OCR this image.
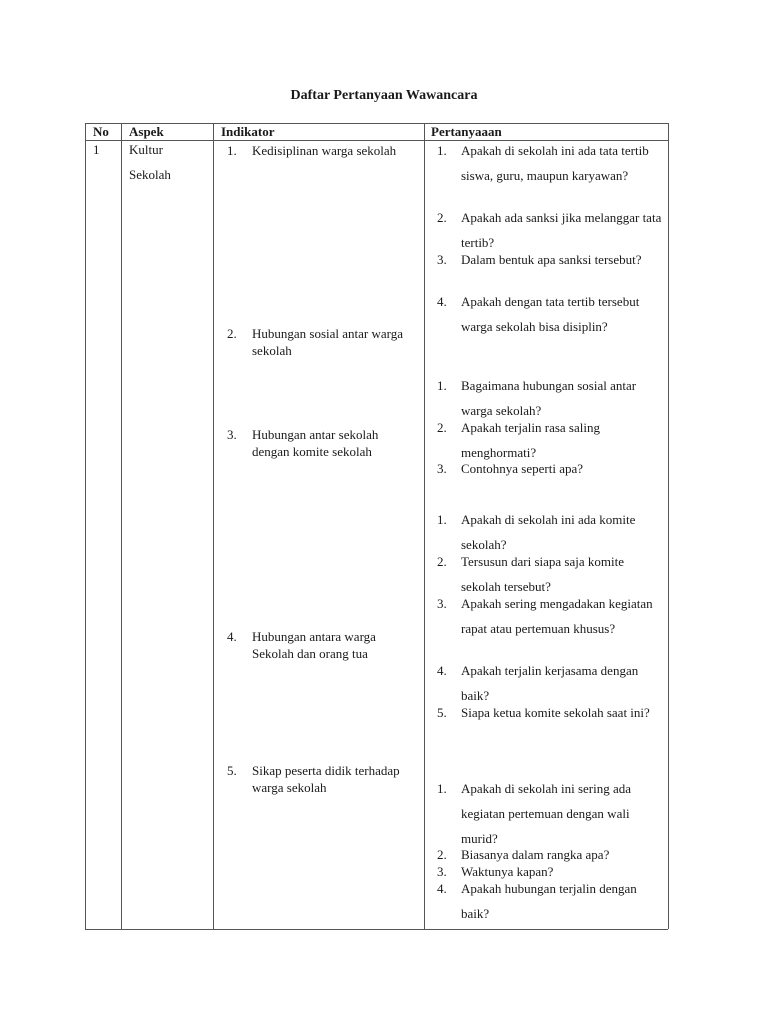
Daftar Pertanyaan Wawancara
No Aspek	Indikator	Pertanyaaan
1 Kultur
Sekolah
1. Kedisiplinan warga sekolah
2. Hubungan sosial antar warga sekolah
3. Hubungan antar sekolah dengan komite sekolah
4. Hubungan antara warga Sekolah dan orang tua
5. Sikap peserta didik terhadap warga sekolah
1. Apakah di sekolah ini ada tata tertib siswa, guru, maupun karyawan?
2. Apakah ada sanksi jika melanggar tata tertib?
3. Dalam bentuk apa sanksi tersebut?
4. Apakah dengan tata tertib tersebut warga sekolah bisa disiplin?
1. Bagaimana hubungan sosial antar warga sekolah?
2. Apakah terjalin rasa saling menghormati?
3. Contohnya seperti apa?
1. Apakah di sekolah ini ada komite sekolah?
2. Tersusun dari siapa saja komite sekolah tersebut?
3. Apakah sering mengadakan kegiatan rapat atau pertemuan khusus?
4. Apakah terjalin kerjasama dengan baik?
5. Siapa ketua komite sekolah saat ini?
1. Apakah di sekolah ini sering ada kegiatan pertemuan dengan wali murid?
2. Biasanya dalam rangka apa?
3. Waktunya kapan?
4. Apakah hubungan terjalin dengan baik?
